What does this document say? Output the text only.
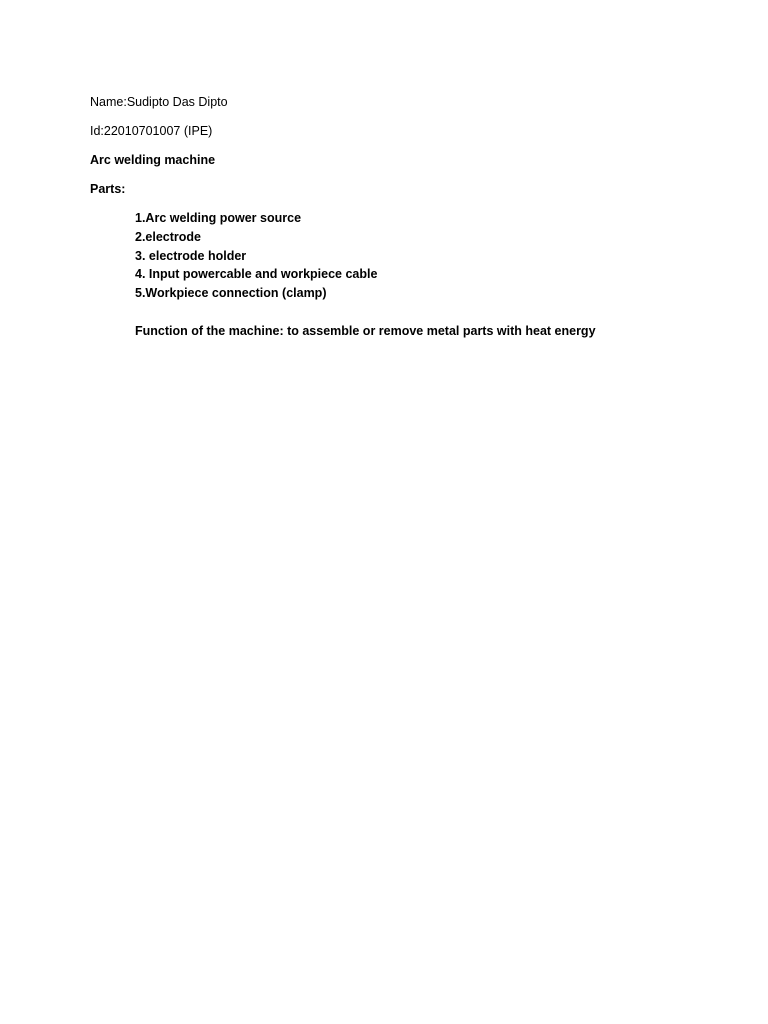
Name:Sudipto Das Dipto
Id:22010701007 (IPE)
Arc welding machine
Parts:
1.Arc welding power source
2.electrode
3. electrode holder
4. Input powercable and workpiece cable
5.Workpiece connection (clamp)
Function of the machine: to assemble or remove metal parts with heat energy
